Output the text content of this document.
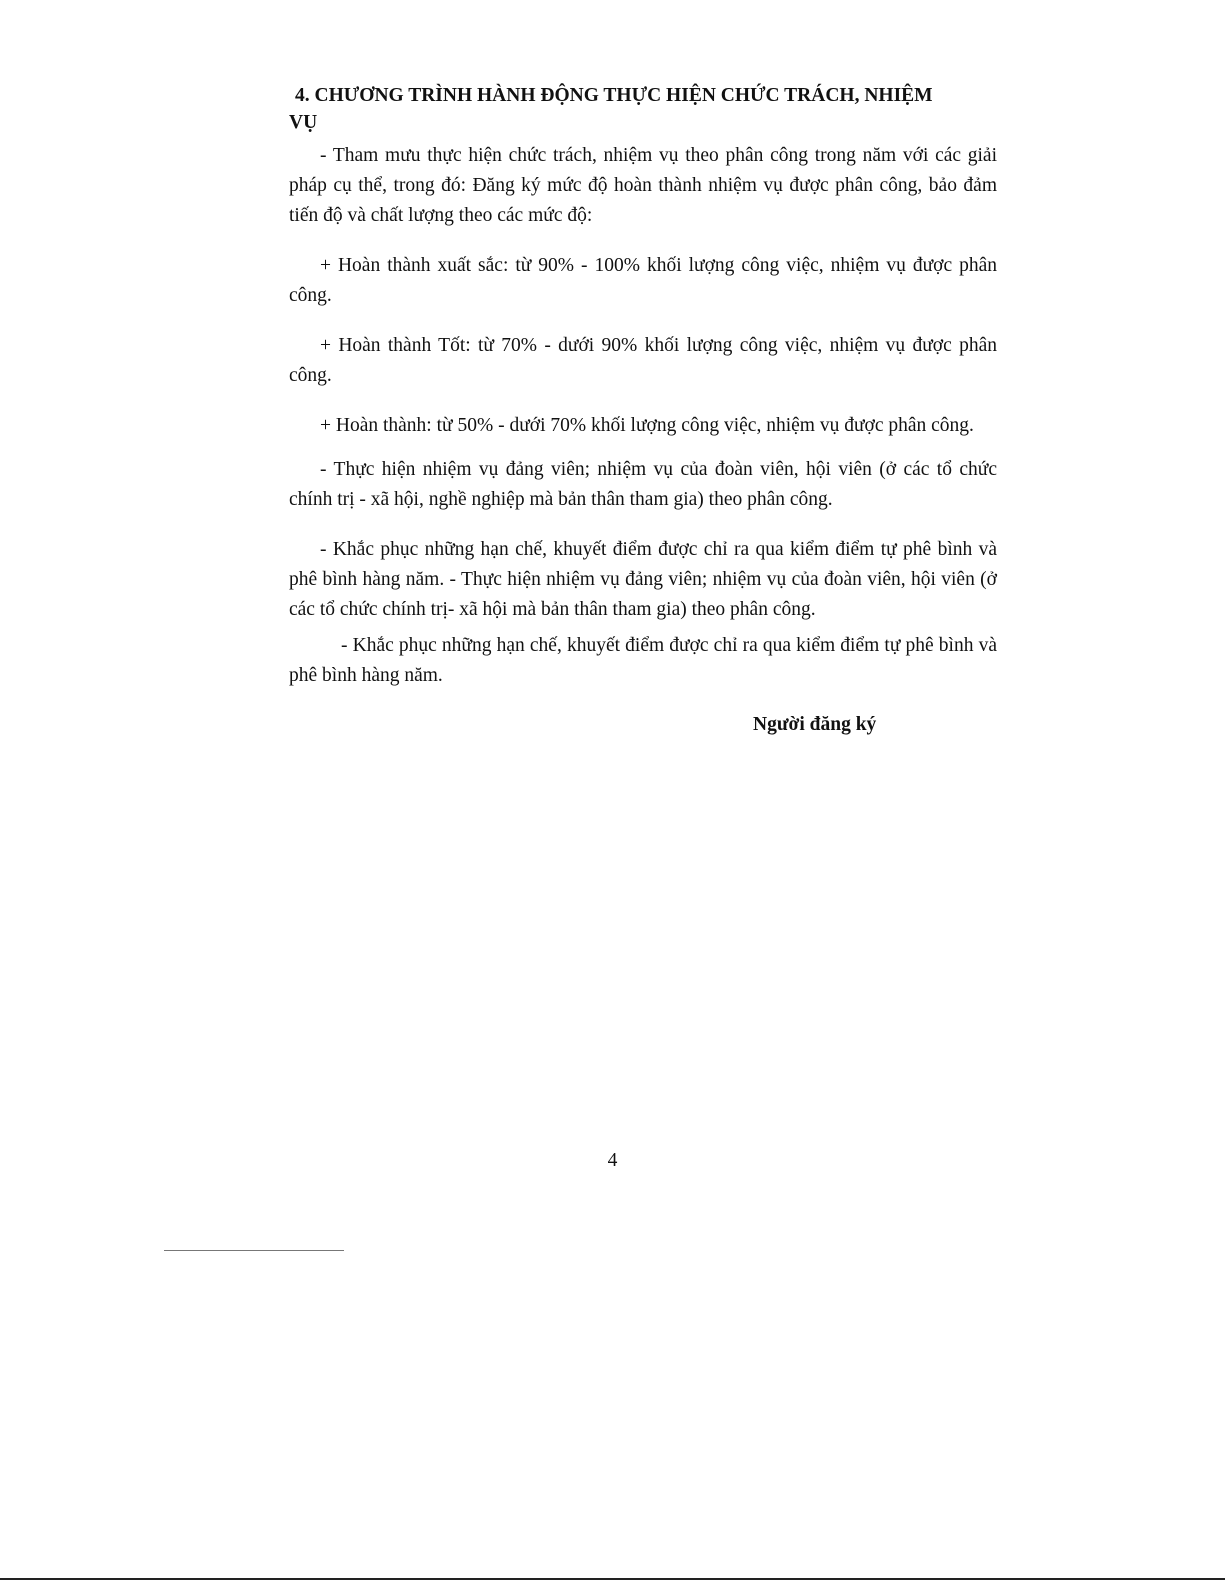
4. CHƯƠNG TRÌNH HÀNH ĐỘNG THỰC HIỆN CHỨC TRÁCH, NHIỆM
VỤ

- Tham mưu thực hiện chức trách, nhiệm vụ theo phân công trong năm với các giải pháp cụ thể, trong đó: Đăng ký mức độ hoàn thành nhiệm vụ được phân công, bảo đảm tiến độ và chất lượng theo các mức độ:

+ Hoàn thành xuất sắc: từ 90% - 100% khối lượng công việc, nhiệm vụ được phân công.

+ Hoàn thành Tốt: từ 70% - dưới 90% khối lượng công việc, nhiệm vụ được phân công.

+ Hoàn thành: từ 50% - dưới 70% khối lượng công việc, nhiệm vụ được phân công.

- Thực hiện nhiệm vụ đảng viên; nhiệm vụ của đoàn viên, hội viên (ở các tổ chức chính trị - xã hội, nghề nghiệp mà bản thân tham gia) theo phân công.

- Khắc phục những hạn chế, khuyết điểm được chỉ ra qua kiểm điểm tự phê bình và phê bình hàng năm. - Thực hiện nhiệm vụ đảng viên; nhiệm vụ của đoàn viên, hội viên (ở các tổ chức chính trị- xã hội mà bản thân tham gia) theo phân công.

- Khắc phục những hạn chế, khuyết điểm được chỉ ra qua kiểm điểm tự phê bình và phê bình hàng năm.

Người đăng ký
4
